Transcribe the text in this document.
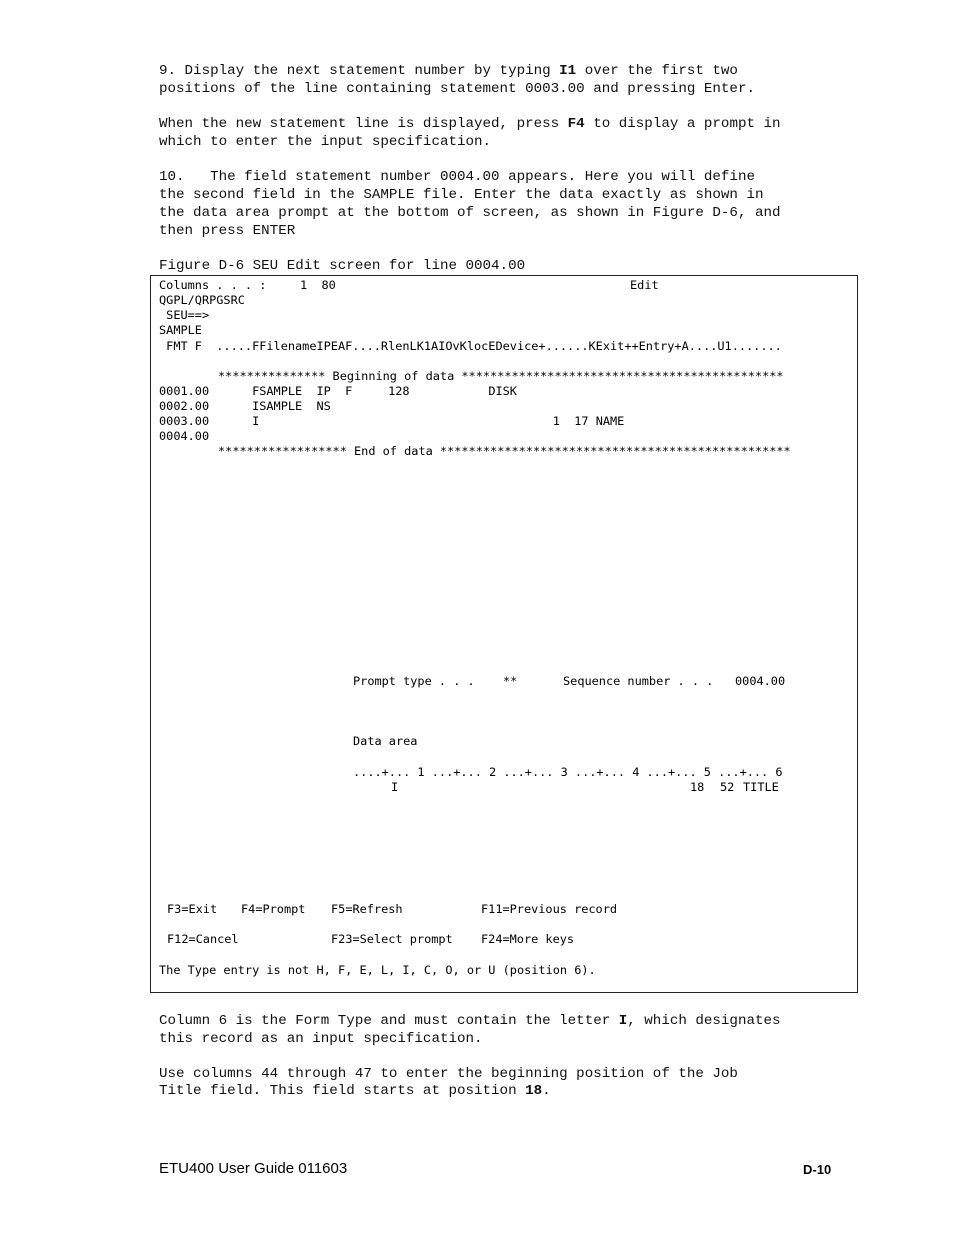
9. Display the next statement number by typing I1 over the first two
positions of the line containing statement 0003.00 and pressing Enter.
When the new statement line is displayed, press F4 to display a prompt in
which to enter the input specification.
10.   The field statement number 0004.00 appears. Here you will define
the second field in the SAMPLE file. Enter the data exactly as shown in
the data area prompt at the bottom of screen, as shown in Figure D-6, and
then press ENTER
Figure D-6 SEU Edit screen for line 0004.00
Columns . . . :	1  80	Edit
QGPL/QRPGSRC
SEU==>
SAMPLE
FMT F  .....FFilenameIPEAF....RlenLK1AIOvKlocEDevice+......KExit++Entry+A....U1.......
*************** Beginning of data *********************************************
0001.00      FSAMPLE  IP  F     128           DISK
0002.00      ISAMPLE  NS
0003.00      I                                         1  17 NAME
0004.00
****************** End of data *************************************************
Prompt type . . . **	Sequence number . . . 0004.00
Data area
....+... 1 ...+... 2 ...+... 3 ...+... 4 ...+... 5 ...+... 6
I	18 52 TITLE
F3=Exit F4=Prompt F5=Refresh	F11=Previous record
F12=Cancel	F23=Select prompt F24=More keys
The Type entry is not H, F, E, L, I, C, O, or U (position 6).
Column 6 is the Form Type and must contain the letter I, which designates
this record as an input specification.
Use columns 44 through 47 to enter the beginning position of the Job
Title field. This field starts at position 18.
ETU400 User Guide 011603	D-10
